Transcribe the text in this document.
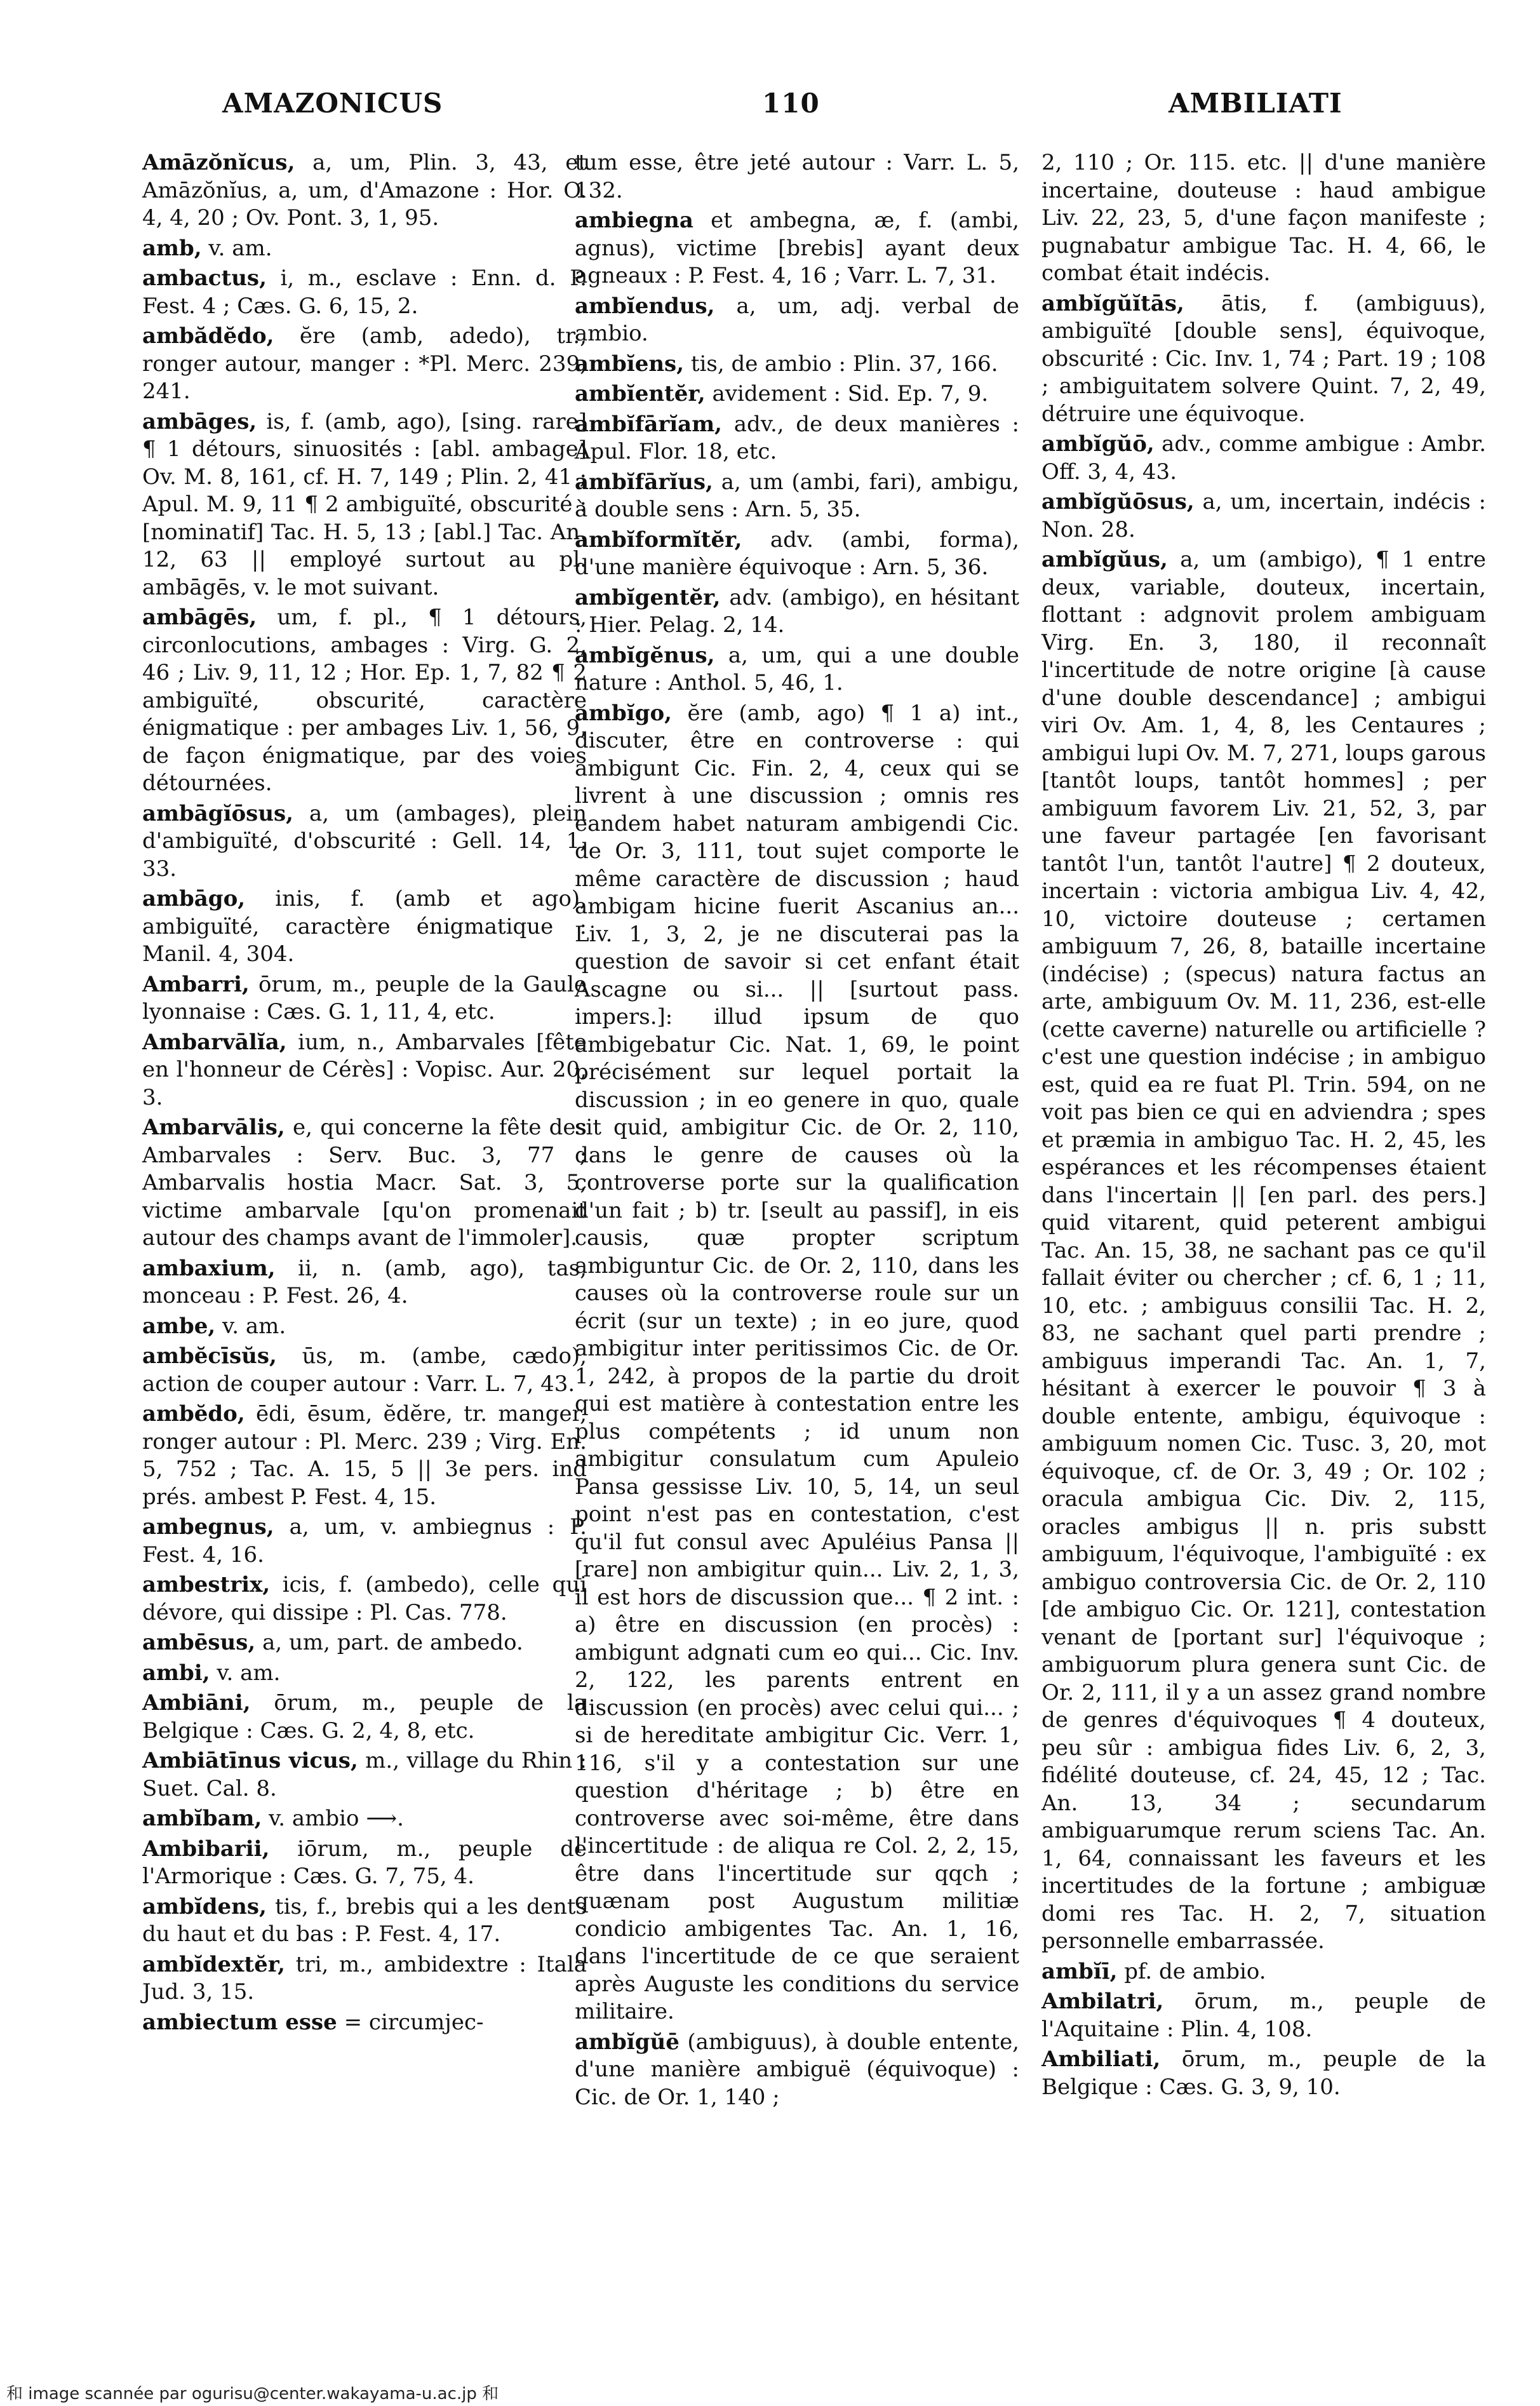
AMAZONICUS	110	AMBILIATI

Amāzŏnĭcus, a, um, Plin. 3, 43, et Amāzŏnĭus, a, um, d'Amazone : Hor. O. 4, 4, 20 ; Ov. Pont. 3, 1, 95.

amb, v. am.

ambactus, i, m., esclave : Enn. d. P. Fest. 4 ; Cæs. G. 6, 15, 2.

ambădĕdo, ĕre (amb, adedo), tr., ronger autour, manger : *Pl. Merc. 239, 241.

ambāges, is, f. (amb, ago), [sing. rare] ¶ 1 détours, sinuosités : [abl. ambage] Ov. M. 8, 161, cf. H. 7, 149 ; Plin. 2, 41 ; Apul. M. 9, 11 ¶ 2 ambiguïté, obscurité : [nominatif] Tac. H. 5, 13 ; [abl.] Tac. An. 12, 63 || employé surtout au pl. ambāgēs, v. le mot suivant.

ambāgēs, um, f. pl., ¶ 1 détours, circonlocutions, ambages : Virg. G. 2, 46 ; Liv. 9, 11, 12 ; Hor. Ep. 1, 7, 82 ¶ 2 ambiguïté, obscurité, caractère énigmatique : per ambages Liv. 1, 56, 9, de façon énigmatique, par des voies détournées.

ambāgĭōsus, a, um (ambages), plein d'ambiguïté, d'obscurité : Gell. 14, 1, 33.

ambāgo, inis, f. (amb et ago), ambiguïté, caractère énigmatique : Manil. 4, 304.

Ambarri, ōrum, m., peuple de la Gaule lyonnaise : Cæs. G. 1, 11, 4, etc.

Ambarvālĭa, ium, n., Ambarvales [fête en l'honneur de Cérès] : Vopisc. Aur. 20, 3.

Ambarvālis, e, qui concerne la fête des Ambarvales : Serv. Buc. 3, 77 ; Ambarvalis hostia Macr. Sat. 3, 5, victime ambarvale [qu'on promenait autour des champs avant de l'immoler].

ambaxium, ii, n. (amb, ago), tas, monceau : P. Fest. 26, 4.

ambe, v. am.

ambĕcīsŭs, ūs, m. (ambe, cædo), action de couper autour : Varr. L. 7, 43.

ambĕdo, ēdi, ēsum, ĕdĕre, tr. manger, ronger autour : Pl. Merc. 239 ; Virg. En. 5, 752 ; Tac. A. 15, 5 || 3e pers. ind prés. ambest P. Fest. 4, 15.

ambegnus, a, um, v. ambiegnus : P. Fest. 4, 16.

ambestrix, icis, f. (ambedo), celle qui dévore, qui dissipe : Pl. Cas. 778.

ambēsus, a, um, part. de ambedo.

ambi, v. am.

Ambiāni, ōrum, m., peuple de la Belgique : Cæs. G. 2, 4, 8, etc.

Ambiātīnus vicus, m., village du Rhin : Suet. Cal. 8.

ambĭbam, v. ambio ⟶.

Ambibarii, iōrum, m., peuple de l'Armorique : Cæs. G. 7, 75, 4.

ambĭdens, tis, f., brebis qui a les dents du haut et du bas : P. Fest. 4, 17.

ambĭdextĕr, tri, m., ambidextre : Itala Jud. 3, 15.

ambiectum esse = circumjec-

tum esse, être jeté autour : Varr. L. 5, 132.

ambiegna et ambegna, æ, f. (ambi, agnus), victime [brebis] ayant deux agneaux : P. Fest. 4, 16 ; Varr. L. 7, 31.

ambĭendus, a, um, adj. verbal de ambio.

ambĭens, tis, de ambio : Plin. 37, 166.

ambĭentĕr, avidement : Sid. Ep. 7, 9.

ambĭfārĭam, adv., de deux manières : Apul. Flor. 18, etc.

ambĭfārĭus, a, um (ambi, fari), ambigu, à double sens : Arn. 5, 35.

ambĭformĭtĕr, adv. (ambi, forma), d'une manière équivoque : Arn. 5, 36.

ambĭgentĕr, adv. (ambigo), en hésitant : Hier. Pelag. 2, 14.

ambĭgĕnus, a, um, qui a une double nature : Anthol. 5, 46, 1.

ambĭgo, ĕre (amb, ago) ¶ 1 a) int., discuter, être en controverse : qui ambigunt Cic. Fin. 2, 4, ceux qui se livrent à une discussion ; omnis res eandem habet naturam ambigendi Cic. de Or. 3, 111, tout sujet comporte le même caractère de discussion ; haud ambigam hicine fuerit Ascanius an... Liv. 1, 3, 2, je ne discuterai pas la question de savoir si cet enfant était Ascagne ou si... || [surtout pass. impers.]: illud ipsum de quo ambigebatur Cic. Nat. 1, 69, le point précisément sur lequel portait la discussion ; in eo genere in quo, quale sit quid, ambigitur Cic. de Or. 2, 110, dans le genre de causes où la controverse porte sur la qualification d'un fait ; b) tr. [seult au passif], in eis causis, quæ propter scriptum ambiguntur Cic. de Or. 2, 110, dans les causes où la controverse roule sur un écrit (sur un texte) ; in eo jure, quod ambigitur inter peritissimos Cic. de Or. 1, 242, à propos de la partie du droit qui est matière à contestation entre les plus compétents ; id unum non ambigitur consulatum cum Apuleio Pansa gessisse Liv. 10, 5, 14, un seul point n'est pas en contestation, c'est qu'il fut consul avec Apuléius Pansa || [rare] non ambigitur quin... Liv. 2, 1, 3, il est hors de discussion que... ¶ 2 int. : a) être en discussion (en procès) : ambigunt adgnati cum eo qui... Cic. Inv. 2, 122, les parents entrent en discussion (en procès) avec celui qui... ; si de hereditate ambigitur Cic. Verr. 1, 116, s'il y a contestation sur une question d'héritage ; b) être en controverse avec soi-même, être dans l'incertitude : de aliqua re Col. 2, 2, 15, être dans l'incertitude sur qqch ; quænam post Augustum militiæ condicio ambigentes Tac. An. 1, 16, dans l'incertitude de ce que seraient après Auguste les conditions du service militaire.

ambĭgŭē (ambiguus), à double entente, d'une manière ambiguë (équivoque) : Cic. de Or. 1, 140 ;

2, 110 ; Or. 115. etc. || d'une manière incertaine, douteuse : haud ambigue Liv. 22, 23, 5, d'une façon manifeste ; pugnabatur ambigue Tac. H. 4, 66, le combat était indécis.

ambĭgŭĭtās, ātis, f. (ambiguus), ambiguïté [double sens], équivoque, obscurité : Cic. Inv. 1, 74 ; Part. 19 ; 108 ; ambiguitatem solvere Quint. 7, 2, 49, détruire une équivoque.

ambĭgŭō, adv., comme ambigue : Ambr. Off. 3, 4, 43.

ambĭgŭōsus, a, um, incertain, indécis : Non. 28.

ambĭgŭus, a, um (ambigo), ¶ 1 entre deux, variable, douteux, incertain, flottant : adgnovit prolem ambiguam Virg. En. 3, 180, il reconnaît l'incertitude de notre origine [à cause d'une double descendance] ; ambigui viri Ov. Am. 1, 4, 8, les Centaures ; ambigui lupi Ov. M. 7, 271, loups garous [tantôt loups, tantôt hommes] ; per ambiguum favorem Liv. 21, 52, 3, par une faveur partagée [en favorisant tantôt l'un, tantôt l'autre] ¶ 2 douteux, incertain : victoria ambigua Liv. 4, 42, 10, victoire douteuse ; certamen ambiguum 7, 26, 8, bataille incertaine (indécise) ; (specus) natura factus an arte, ambiguum Ov. M. 11, 236, est-elle (cette caverne) naturelle ou artificielle ? c'est une question indécise ; in ambiguo est, quid ea re fuat Pl. Trin. 594, on ne voit pas bien ce qui en adviendra ; spes et præmia in ambiguo Tac. H. 2, 45, les espérances et les récompenses étaient dans l'incertain || [en parl. des pers.] quid vitarent, quid peterent ambigui Tac. An. 15, 38, ne sachant pas ce qu'il fallait éviter ou chercher ; cf. 6, 1 ; 11, 10, etc. ; ambiguus consilii Tac. H. 2, 83, ne sachant quel parti prendre ; ambiguus imperandi Tac. An. 1, 7, hésitant à exercer le pouvoir ¶ 3 à double entente, ambigu, équivoque : ambiguum nomen Cic. Tusc. 3, 20, mot équivoque, cf. de Or. 3, 49 ; Or. 102 ; oracula ambigua Cic. Div. 2, 115, oracles ambigus || n. pris substt ambiguum, l'équivoque, l'ambiguïté : ex ambiguo controversia Cic. de Or. 2, 110 [de ambiguo Cic. Or. 121], contestation venant de [portant sur] l'équivoque ; ambiguorum plura genera sunt Cic. de Or. 2, 111, il y a un assez grand nombre de genres d'équivoques ¶ 4 douteux, peu sûr : ambigua fides Liv. 6, 2, 3, fidélité douteuse, cf. 24, 45, 12 ; Tac. An. 13, 34 ; secundarum ambiguarumque rerum sciens Tac. An. 1, 64, connaissant les faveurs et les incertitudes de la fortune ; ambiguæ domi res Tac. H. 2, 7, situation personnelle embarrassée.

ambĭī, pf. de ambio.

Ambilatri, ōrum, m., peuple de l'Aquitaine : Plin. 4, 108.

Ambiliati, ōrum, m., peuple de la Belgique : Cæs. G. 3, 9, 10.

和 image scannée par ogurisu@center.wakayama-u.ac.jp 和
